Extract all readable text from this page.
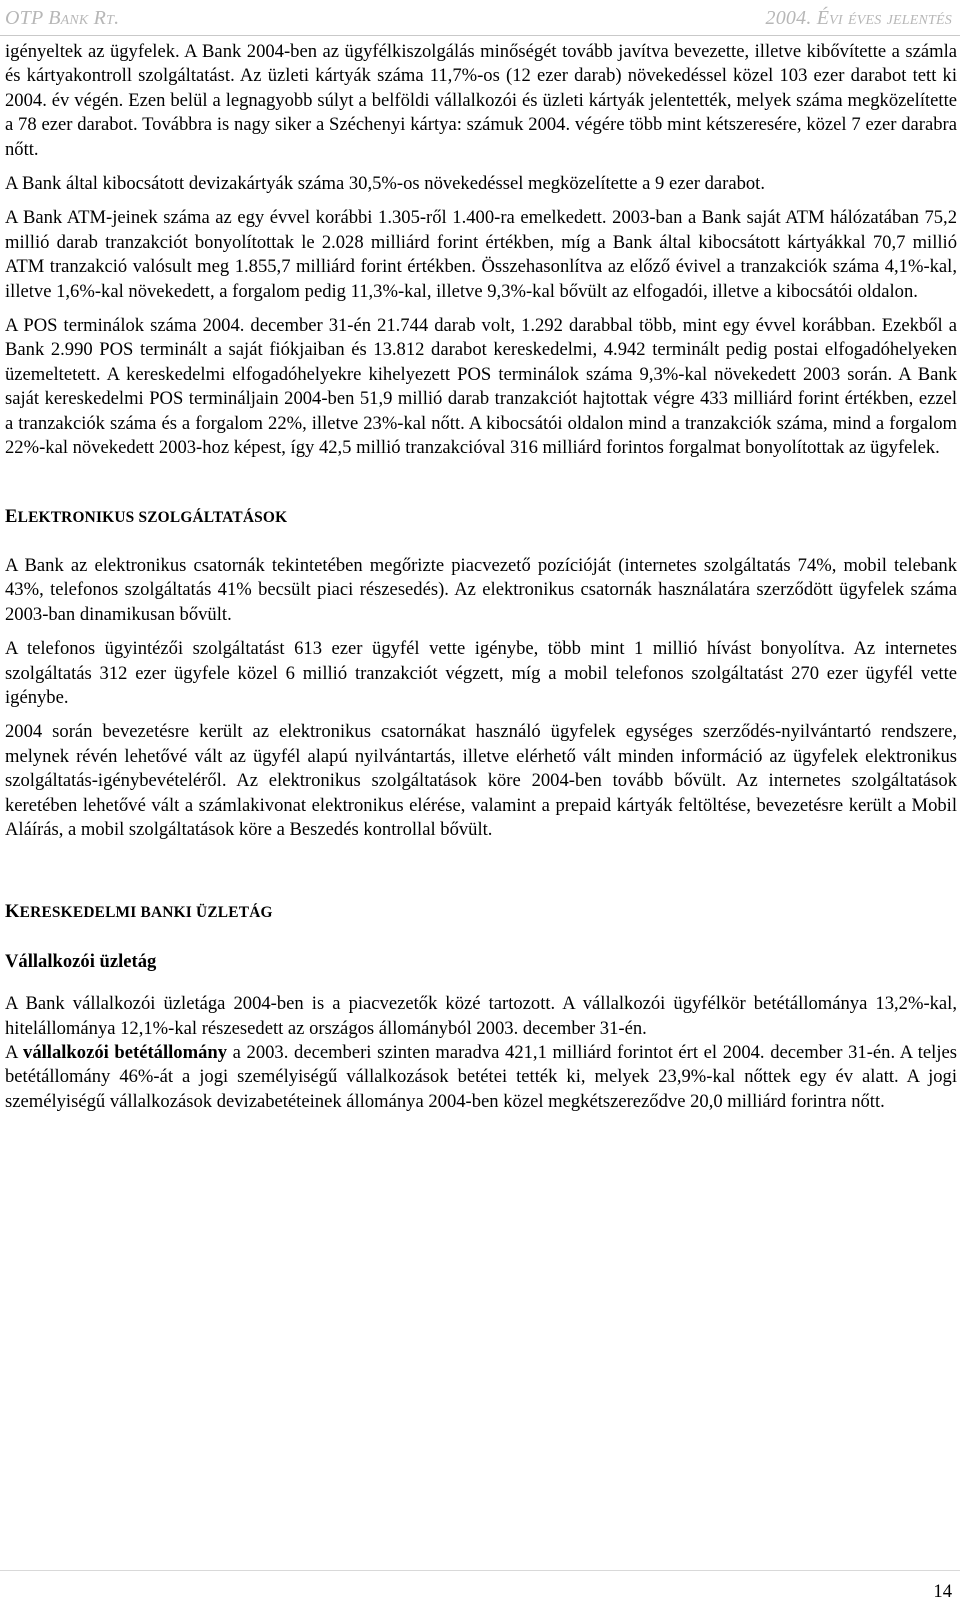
OTP Bank Rt.	2004. Évi éves jelentés

igényeltek az ügyfelek. A Bank 2004-ben az ügyfélkiszolgálás minőségét tovább javítva bevezette, illetve kibővítette a számla és kártyakontroll szolgáltatást. Az üzleti kártyák száma 11,7%-os (12 ezer darab) növekedéssel közel 103 ezer darabot tett ki 2004. év végén. Ezen belül a legnagyobb súlyt a belföldi vállalkozói és üzleti kártyák jelentették, melyek száma megközelítette a 78 ezer darabot. Továbbra is nagy siker a Széchenyi kártya: számuk 2004. végére több mint kétszeresére, közel 7 ezer darabra nőtt.

A Bank által kibocsátott devizakártyák száma 30,5%-os növekedéssel megközelítette a 9 ezer darabot.

A Bank ATM-jeinek száma az egy évvel korábbi 1.305-ről 1.400-ra emelkedett. 2003-ban a Bank saját ATM hálózatában 75,2 millió darab tranzakciót bonyolítottak le 2.028 milliárd forint értékben, míg a Bank által kibocsátott kártyákkal 70,7 millió ATM tranzakció valósult meg 1.855,7 milliárd forint értékben. Összehasonlítva az előző évivel a tranzakciók száma 4,1%-kal, illetve 1,6%-kal növekedett, a forgalom pedig 11,3%-kal, illetve 9,3%-kal bővült az elfogadói, illetve a kibocsátói oldalon.

A POS terminálok száma 2004. december 31-én 21.744 darab volt, 1.292 darabbal több, mint egy évvel korábban. Ezekből a Bank 2.990 POS terminált a saját fiókjaiban és 13.812 darabot kereskedelmi, 4.942 terminált pedig postai elfogadóhelyeken üzemeltetett. A kereskedelmi elfogadóhelyekre kihelyezett POS terminálok száma 9,3%-kal növekedett 2003 során. A Bank saját kereskedelmi POS termináljain 2004-ben 51,9 millió darab tranzakciót hajtottak végre 433 milliárd forint értékben, ezzel a tranzakciók száma és a forgalom 22%, illetve 23%-kal nőtt. A kibocsátói oldalon mind a tranzakciók száma, mind a forgalom 22%-kal növekedett 2003-hoz képest, így 42,5 millió tranzakcióval 316 milliárd forintos forgalmat bonyolítottak az ügyfelek.

ELEKTRONIKUS SZOLGÁLTATÁSOK

A Bank az elektronikus csatornák tekintetében megőrizte piacvezető pozícióját (internetes szolgáltatás 74%, mobil telebank 43%, telefonos szolgáltatás 41% becsült piaci részesedés). Az elektronikus csatornák használatára szerződött ügyfelek száma 2003-ban dinamikusan bővült.

A telefonos ügyintézői szolgáltatást 613 ezer ügyfél vette igénybe, több mint 1 millió hívást bonyolítva. Az internetes szolgáltatás 312 ezer ügyfele közel 6 millió tranzakciót végzett, míg a mobil telefonos szolgáltatást 270 ezer ügyfél vette igénybe.

2004 során bevezetésre került az elektronikus csatornákat használó ügyfelek egységes szerződés-nyilvántartó rendszere, melynek révén lehetővé vált az ügyfél alapú nyilvántartás, illetve elérhető vált minden információ az ügyfelek elektronikus szolgáltatás-igénybevételéről. Az elektronikus szolgáltatások köre 2004-ben tovább bővült. Az internetes szolgáltatások keretében lehetővé vált a számlakivonat elektronikus elérése, valamint a prepaid kártyák feltöltése, bevezetésre került a Mobil Aláírás, a mobil szolgáltatások köre a Beszedés kontrollal bővült.

KERESKEDELMI BANKI ÜZLETÁG
Vállalkozói üzletág

A Bank vállalkozói üzletága 2004-ben is a piacvezetők közé tartozott. A vállalkozói ügyfélkör betétállománya 13,2%-kal, hitelállománya 12,1%-kal részesedett az országos állományból 2003. december 31-én.

A vállalkozói betétállomány a 2003. decemberi szinten maradva 421,1 milliárd forintot ért el 2004. december 31-én. A teljes betétállomány 46%-át a jogi személyiségű vállalkozások betétei tették ki, melyek 23,9%-kal nőttek egy év alatt. A jogi személyiségű vállalkozások devizabetéteinek állománya 2004-ben közel megkétszereződve 20,0 milliárd forintra nőtt.

14
